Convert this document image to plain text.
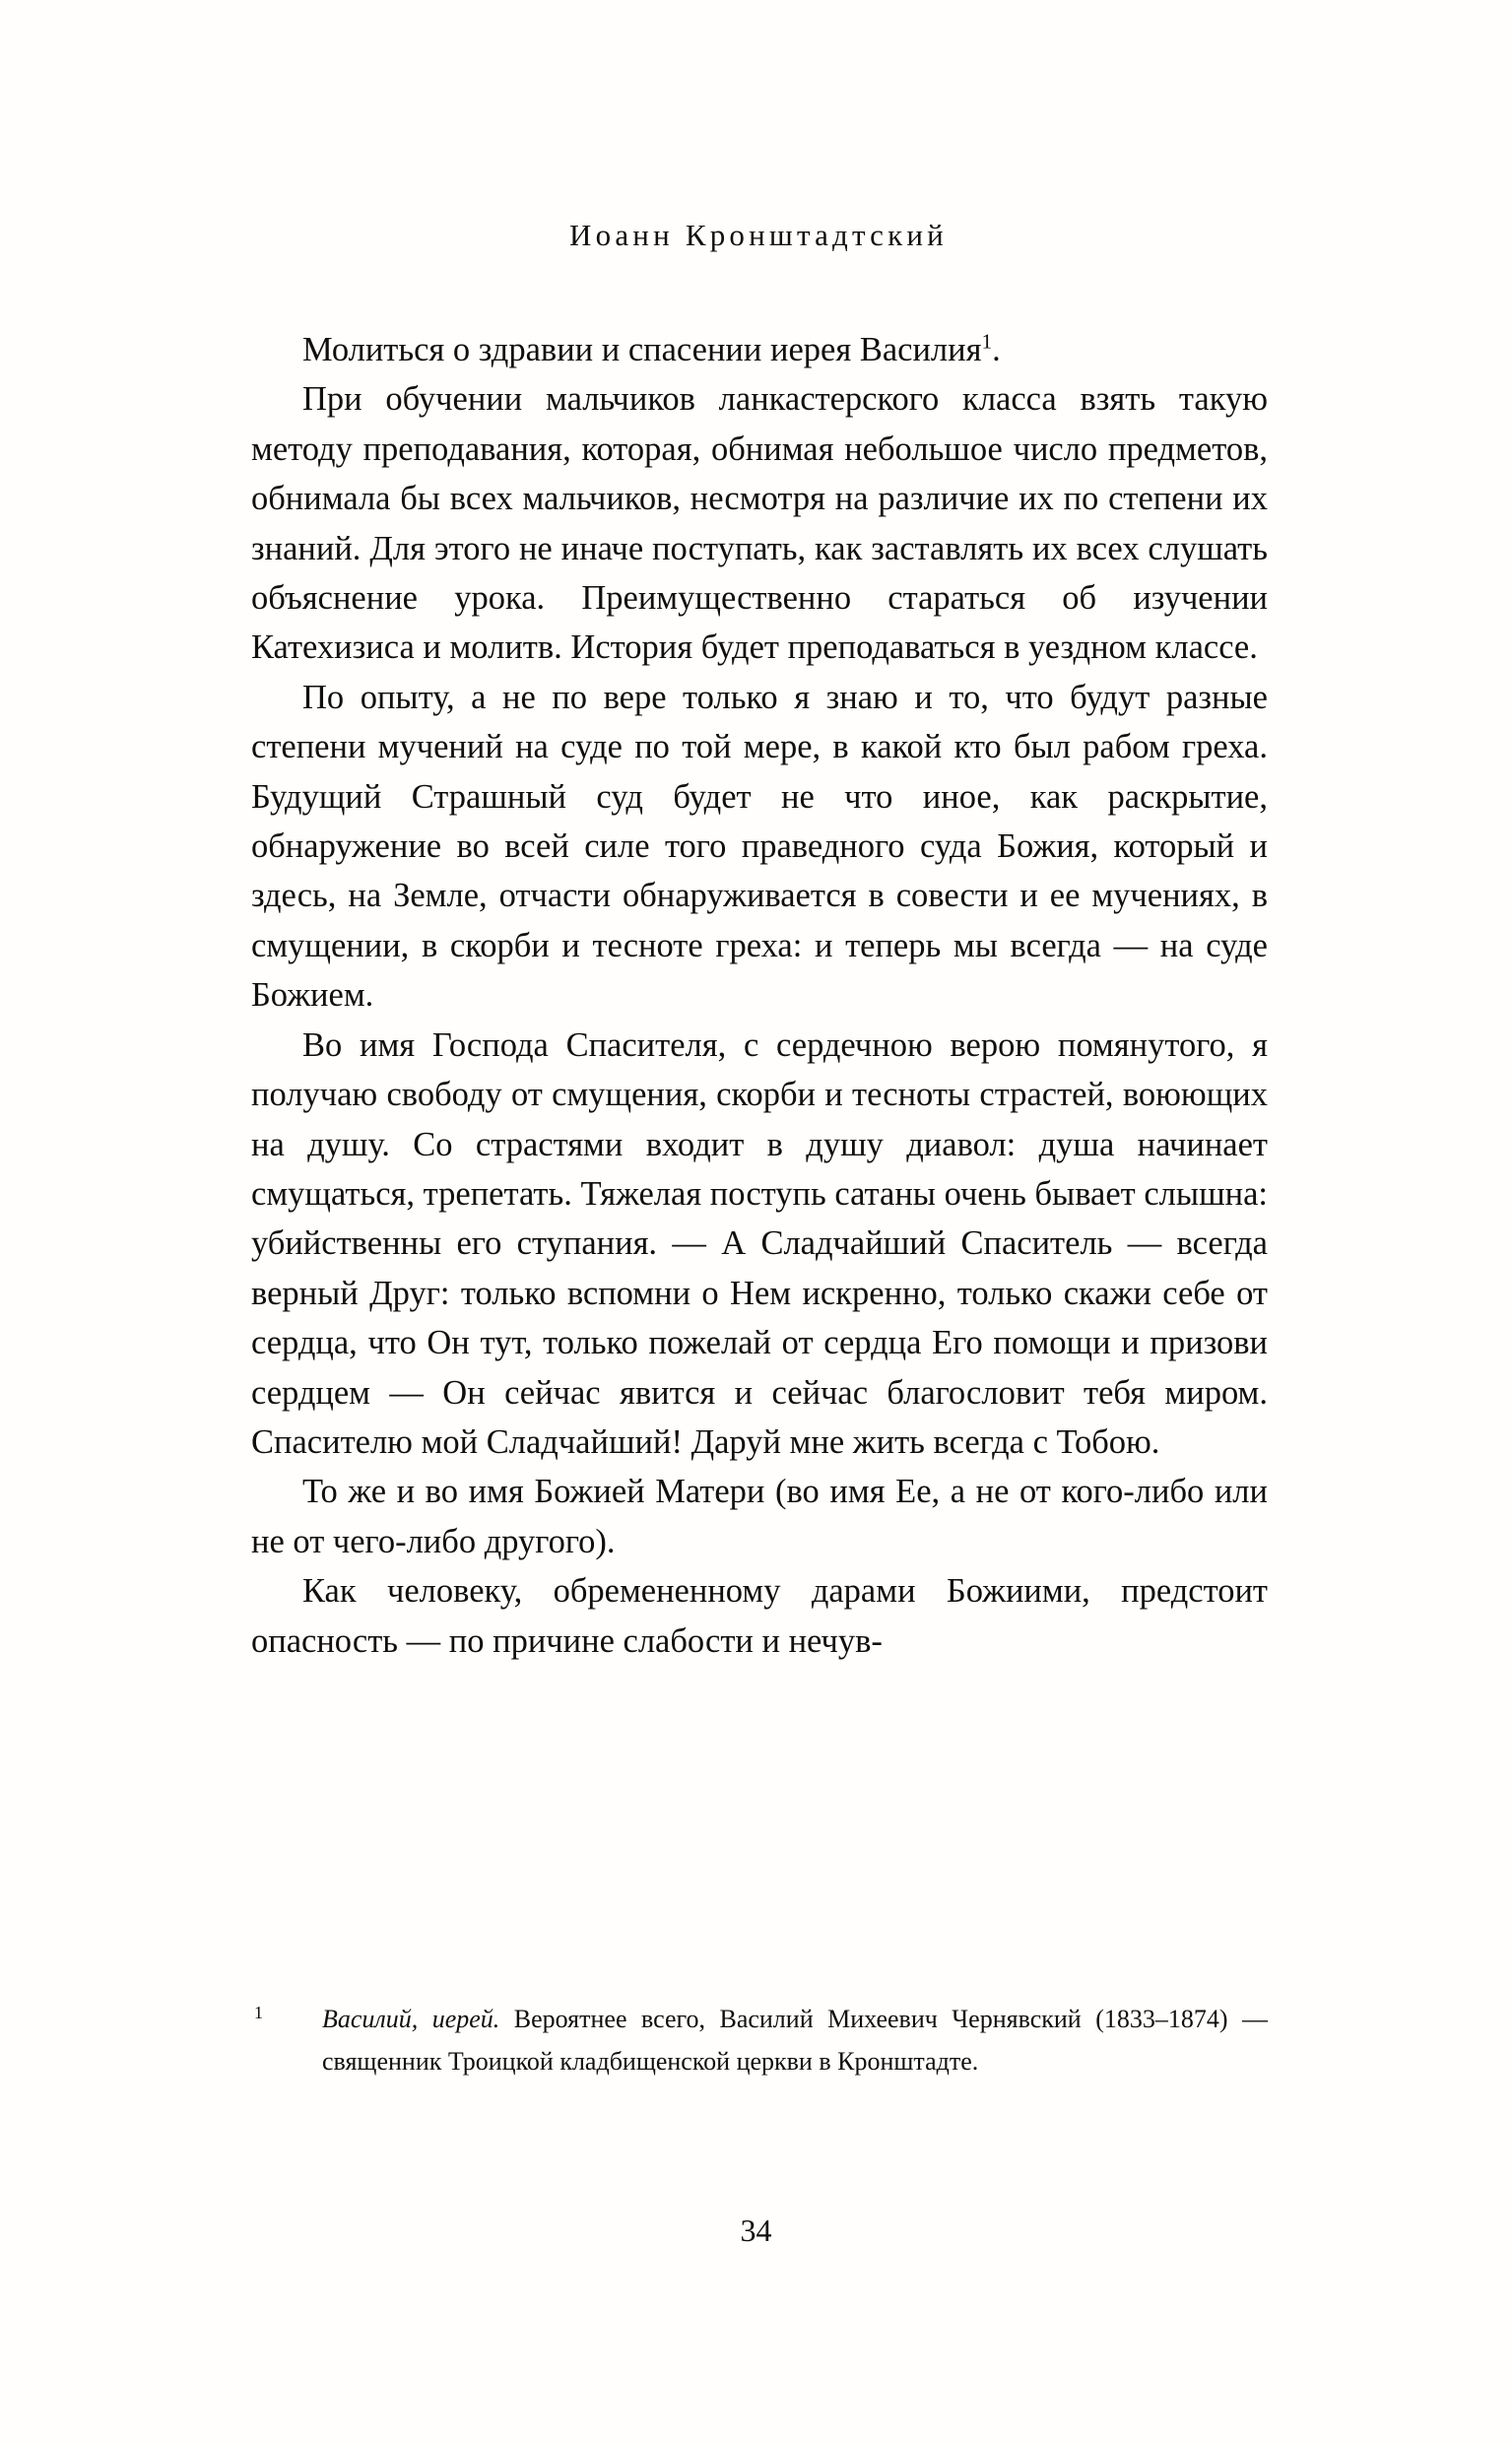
Иоанн Кронштадтский

Молиться о здравии и спасении иерея Василия$^1$.

При обучении мальчиков ланкастерского класса взять такую методу преподавания, которая, обнимая небольшое число предметов, обнимала бы всех мальчиков, несмотря на различие их по степени их знаний. Для этого не иначе поступать, как заставлять их всех слушать объяснение урока. Преимущественно стараться об изучении Катехизиса и молитв. История будет преподаваться в уездном классе.

По опыту, а не по вере только я знаю и то, что будут разные степени мучений на суде по той мере, в какой кто был рабом греха. Будущий Страшный суд будет не что иное, как раскрытие, обнаружение во всей силе того праведного суда Божия, который и здесь, на Земле, отчасти обнаруживается в совести и ее мучениях, в смущении, в скорби и тесноте греха: и теперь мы всегда — на суде Божием.

Во имя Господа Спасителя, с сердечною верою помянутого, я получаю свободу от смущения, скорби и тесноты страстей, воюющих на душу. Со страстями входит в душу диавол: душа начинает смущаться, трепетать. Тяжелая поступь сатаны очень бывает слышна: убийственны его ступания. — А Сладчайший Спаситель — всегда верный Друг: только вспомни о Нем искренно, только скажи себе от сердца, что Он тут, только пожелай от сердца Его помощи и призови сердцем — Он сейчас явится и сейчас благословит тебя миром. Спасителю мой Сладчайший! Даруй мне жить всегда с Тобою.

То же и во имя Божией Матери (во имя Ее, а не от кого-либо или не от чего-либо другого).

Как человеку, обремененному дарами Божиими, предстоит опасность — по причине слабости и нечув-

1 Василий, иерей. Вероятнее всего, Василий Михеевич Чернявский (1833–1874) — священник Троицкой кладбищенской церкви в Кронштадте.
34
